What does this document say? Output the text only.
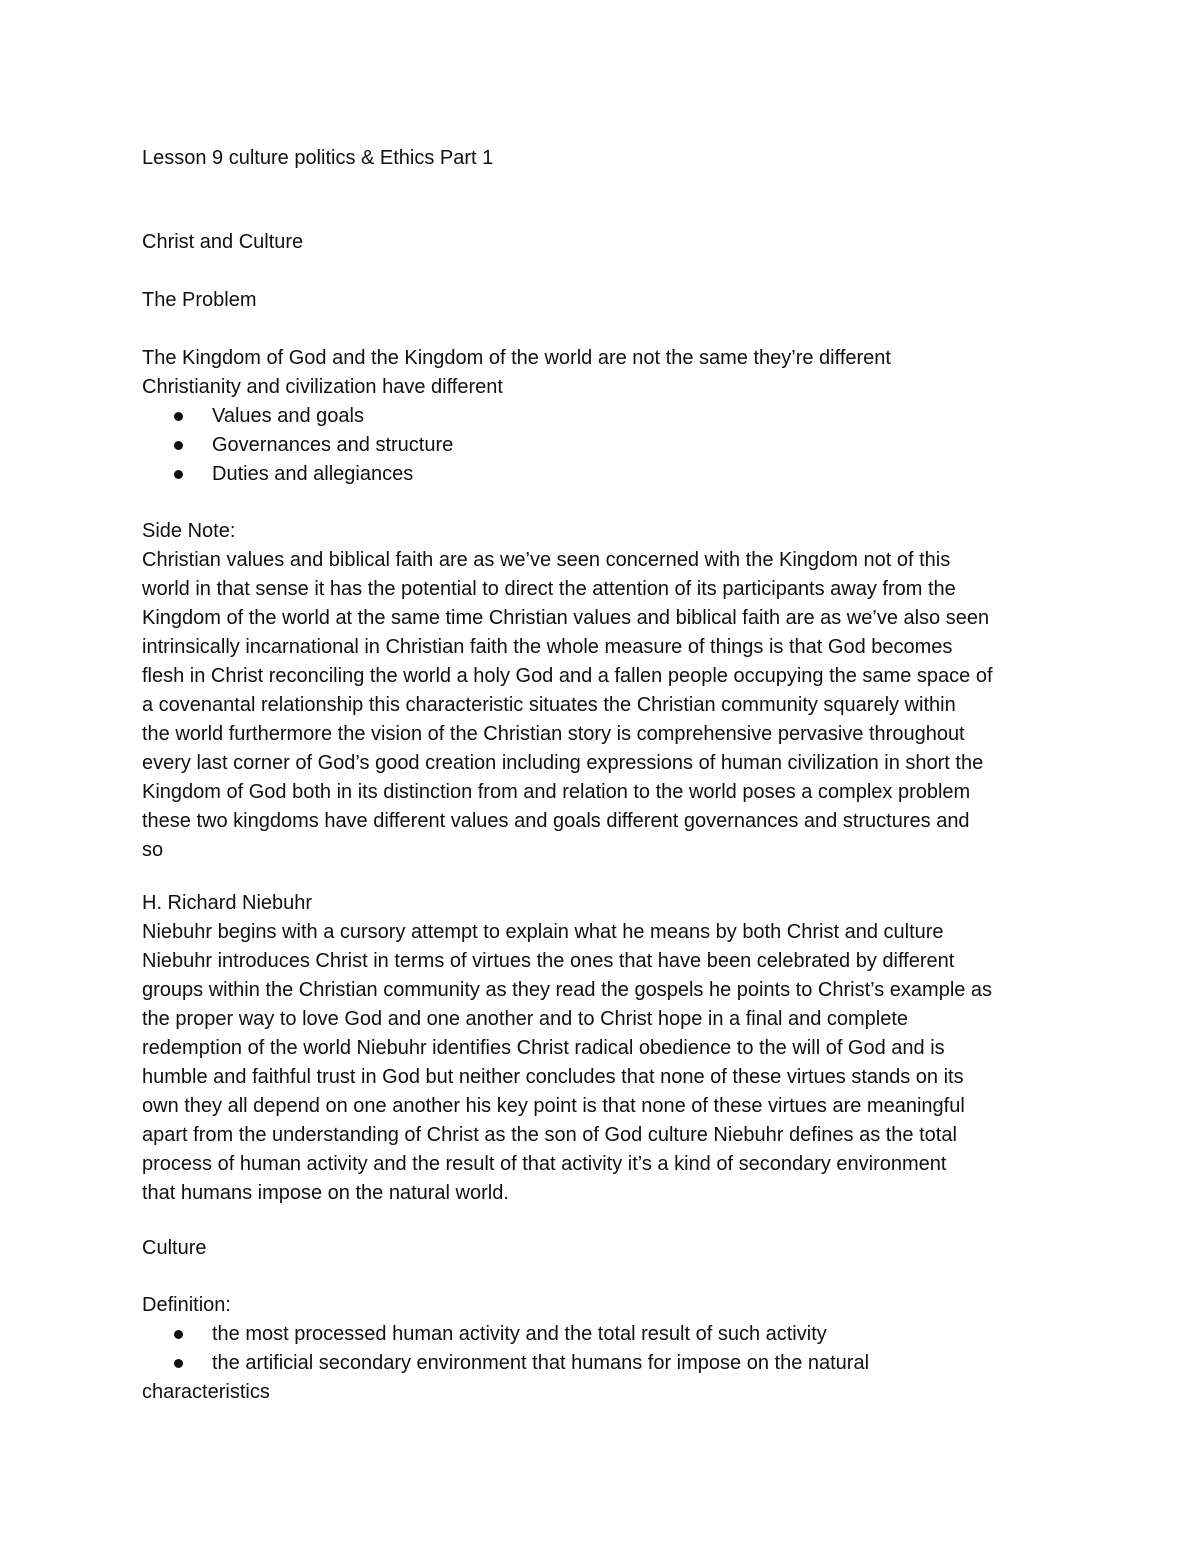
Lesson 9 culture politics & Ethics Part 1
Christ and Culture
The Problem
The Kingdom of God and the Kingdom of the world are not the same they’re different
Christianity and civilization have different
Values and goals
Governances and structure
Duties and allegiances
Side Note:
Christian values and biblical faith are as we’ve seen concerned with the Kingdom not of this
world in that sense it has the potential to direct the attention of its participants away from the
Kingdom of the world at the same time Christian values and biblical faith are as we’ve also seen
intrinsically incarnational in Christian faith the whole measure of things is that God becomes
flesh in Christ reconciling the world a holy God and a fallen people occupying the same space of
a covenantal relationship this characteristic situates the Christian community squarely within
the world furthermore the vision of the Christian story is comprehensive pervasive throughout
every last corner of God’s good creation including expressions of human civilization in short the
Kingdom of God both in its distinction from and relation to the world poses a complex problem
these two kingdoms have different values and goals different governances and structures and
so
H. Richard Niebuhr
Niebuhr begins with a cursory attempt to explain what he means by both Christ and culture
Niebuhr introduces Christ in terms of virtues the ones that have been celebrated by different
groups within the Christian community as they read the gospels he points to Christ’s example as
the proper way to love God and one another and to Christ hope in a final and complete
redemption of the world Niebuhr identifies Christ radical obedience to the will of God and is
humble and faithful trust in God but neither concludes that none of these virtues stands on its
own they all depend on one another his key point is that none of these virtues are meaningful
apart from the understanding of Christ as the son of God culture Niebuhr defines as the total
process of human activity and the result of that activity it’s a kind of secondary environment
that humans impose on the natural world.
Culture
Definition:
the most processed human activity and the total result of such activity
the artificial secondary environment that humans for impose on the natural
characteristics
